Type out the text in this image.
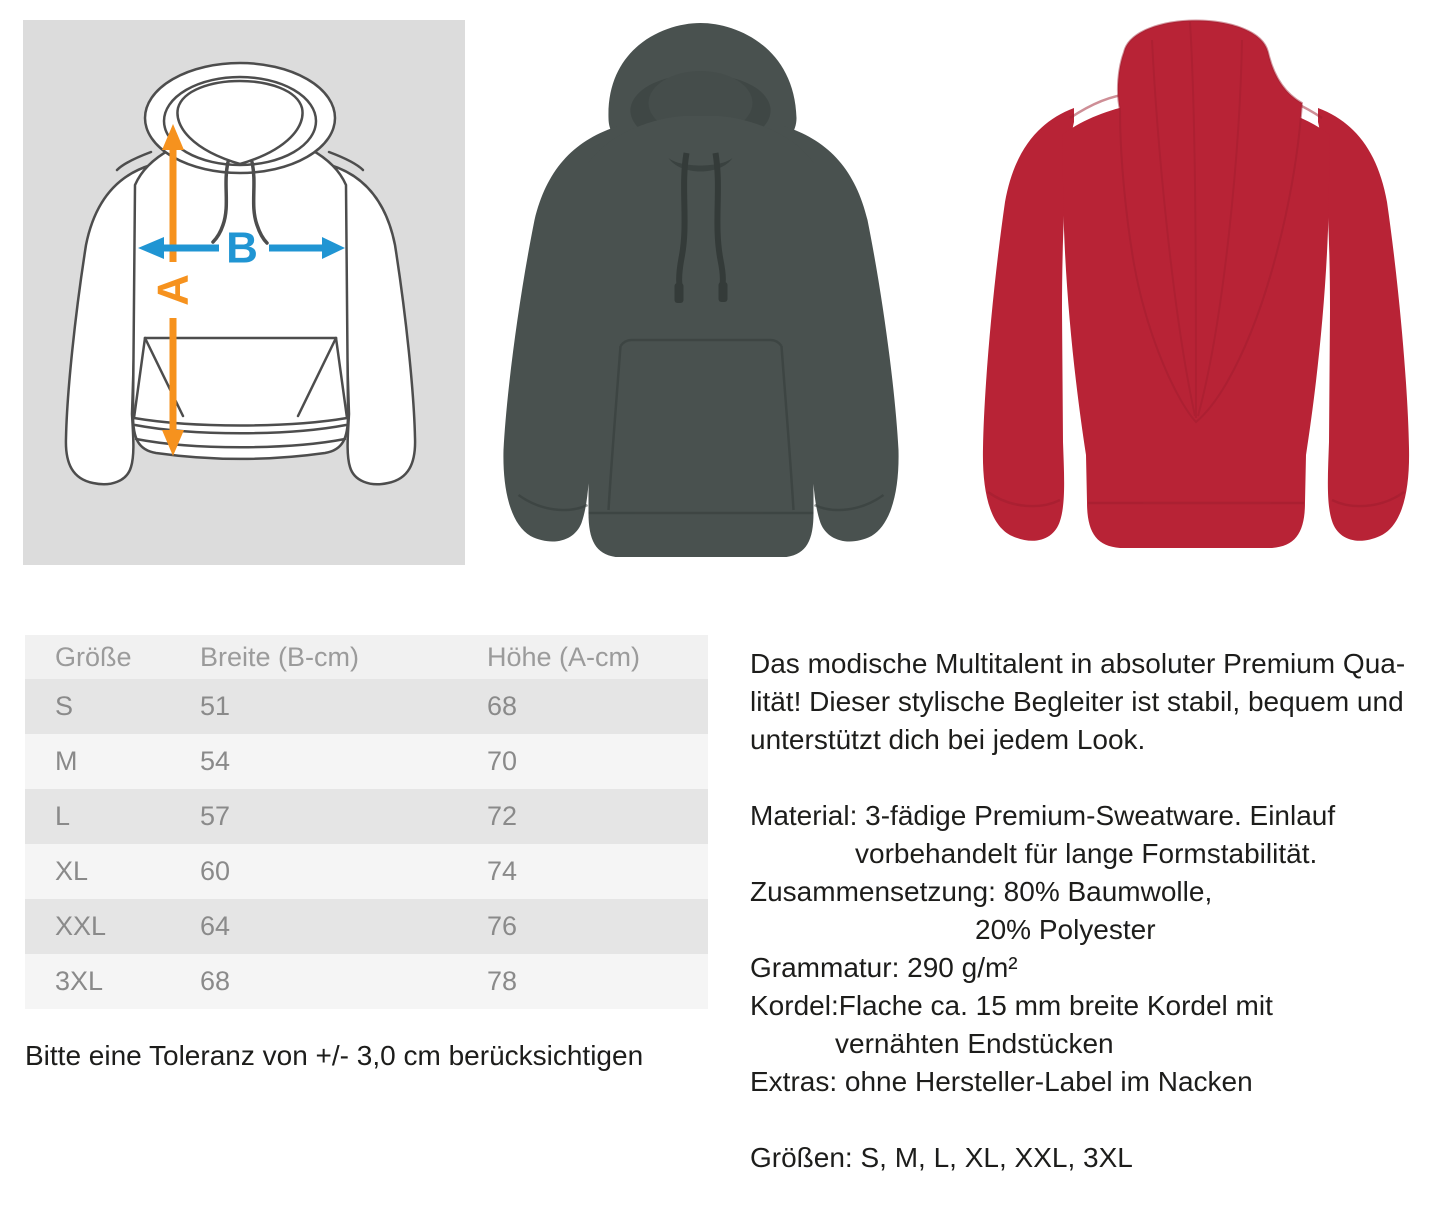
A
B
Größe	Breite (B-cm)	Höhe (A-cm)
S	51	68
M	54	70
L	57	72
XL	60	74
XXL	64	76
3XL	68	78
Bitte eine Toleranz von +/- 3,0 cm berücksichtigen
Das modische Multitalent in absoluter Premium Qua-
lität! Dieser stylische Begleiter ist stabil, bequem und
unterstützt dich bei jedem Look.
Material: 3-fädige Premium-Sweatware. Einlauf
vorbehandelt für lange Formstabilität.
Zusammensetzung: 80% Baumwolle,
20% Polyester
Grammatur: 290 g/m²
Kordel:Flache ca. 15 mm breite Kordel mit
vernähten Endstücken
Extras: ohne Hersteller-Label im Nacken
Größen: S, M, L, XL, XXL, 3XL
